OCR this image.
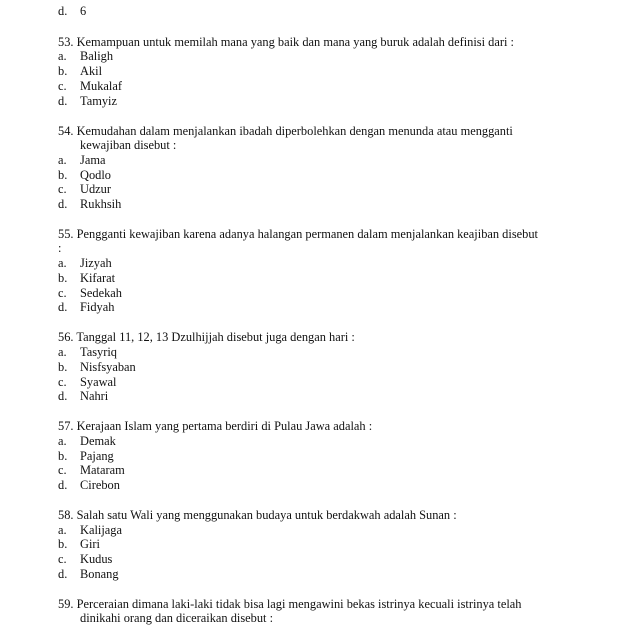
d. 6
53. Kemampuan untuk memilah mana yang baik dan mana yang buruk adalah definisi dari :
a. Baligh
b. Akil
c. Mukalaf
d. Tamyiz
54. Kemudahan dalam menjalankan ibadah diperbolehkan dengan menunda atau mengganti
kewajiban disebut :
a. Jama
b. Qodlo
c. Udzur
d. Rukhsih
55. Pengganti kewajiban karena adanya halangan permanen dalam menjalankan keajiban disebut
:
a. Jizyah
b. Kifarat
c. Sedekah
d. Fidyah
56. Tanggal 11, 12, 13 Dzulhijjah disebut juga dengan hari :
a. Tasyriq
b. Nisfsyaban
c. Syawal
d. Nahri
57. Kerajaan Islam yang pertama berdiri di Pulau Jawa adalah :
a. Demak
b. Pajang
c. Mataram
d. Cirebon
58. Salah satu Wali yang menggunakan budaya untuk berdakwah adalah Sunan :
a. Kalijaga
b. Giri
c. Kudus
d. Bonang
59. Perceraian dimana laki-laki tidak bisa lagi mengawini bekas istrinya kecuali istrinya telah
dinikahi orang dan diceraikan disebut :
